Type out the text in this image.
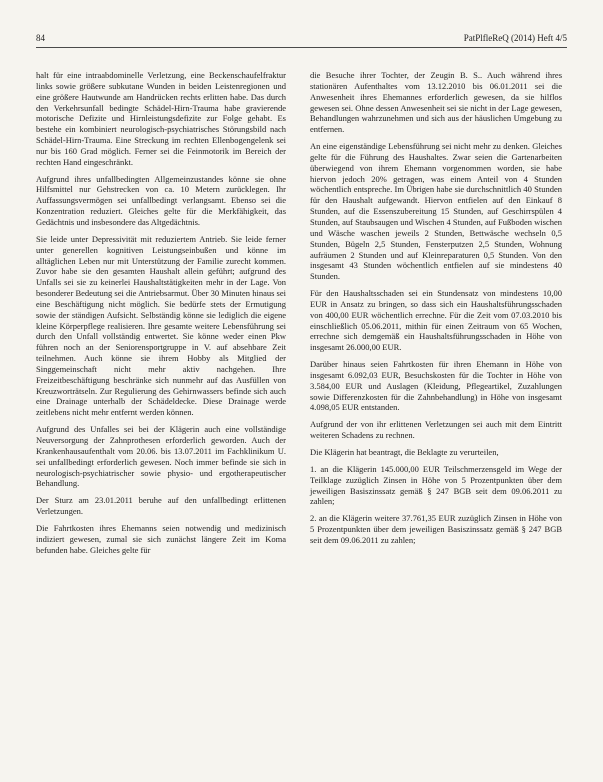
84	PatPlfleReQ (2014) Heft 4/5

halt für eine intraabdominelle Verletzung, eine Beckenschaufelfraktur links sowie größere subkutane Wunden in beiden Leistenregionen und eine größere Hautwunde am Handrücken rechts erlitten habe. Das durch den Verkehrsunfall bedingte Schädel-Hirn-Trauma habe gravierende motorische Defizite und Hirnleistungsdefizite zur Folge gehabt. Es bestehe ein kombiniert neurologisch-psychiatrisches Störungsbild nach Schädel-Hirn-Trauma. Eine Streckung im rechten Ellenbogengelenk sei nur bis 160 Grad möglich. Ferner sei die Feinmotorik im Bereich der rechten Hand eingeschränkt.

Aufgrund ihres unfallbedingten Allgemeinzustandes könne sie ohne Hilfsmittel nur Gehstrecken von ca. 10 Metern zurücklegen. Ihr Auffassungsvermögen sei unfallbedingt verlangsamt. Ebenso sei die Konzentration reduziert. Gleiches gelte für die Merkfähigkeit, das Gedächtnis und insbesondere das Altgedächtnis.

Sie leide unter Depressivität mit reduziertem Antrieb. Sie leide ferner unter generellen kognitiven Leistungseinbußen und könne im alltäglichen Leben nur mit Unterstützung der Familie zurecht kommen. Zuvor habe sie den gesamten Haushalt allein geführt; aufgrund des Unfalls sei sie zu keinerlei Haushaltstätigkeiten mehr in der Lage. Von besonderer Bedeutung sei die Antriebsarmut. Über 30 Minuten hinaus sei eine Beschäftigung nicht möglich. Sie bedürfe stets der Ermutigung sowie der ständigen Aufsicht. Selbständig könne sie lediglich die eigene kleine Körperpflege realisieren. Ihre gesamte weitere Lebensführung sei durch den Unfall vollständig entwertet. Sie könne weder einen Pkw führen noch an der Seniorensportgruppe in V. auf absehbare Zeit teilnehmen. Auch könne sie ihrem Hobby als Mitglied der Singgemeinschaft nicht mehr aktiv nachgehen. Ihre Freizeitbeschäftigung beschränke sich nunmehr auf das Ausfüllen von Kreuzworträtseln. Zur Regulierung des Gehirnwassers befinde sich auch eine Drainage unterhalb der Schädeldecke. Diese Drainage werde zeitlebens nicht mehr entfernt werden können.

Aufgrund des Unfalles sei bei der Klägerin auch eine vollständige Neuversorgung der Zahnprothesen erforderlich geworden. Auch der Krankenhausaufenthalt vom 20.06. bis 13.07.2011 im Fachklinikum U. sei unfallbedingt erforderlich gewesen. Noch immer befinde sie sich in neurologisch-psychiatrischer sowie physio- und ergotherapeutischer Behandlung.

Der Sturz am 23.01.2011 beruhe auf den unfallbedingt erlittenen Verletzungen.

Die Fahrtkosten ihres Ehemanns seien notwendig und medizinisch indiziert gewesen, zumal sie sich zunächst längere Zeit im Koma befunden habe. Gleiches gelte für

die Besuche ihrer Tochter, der Zeugin B. S.. Auch während ihres stationären Aufenthaltes vom 13.12.2010 bis 06.01.2011 sei die Anwesenheit ihres Ehemannes erforderlich gewesen, da sie hilflos gewesen sei. Ohne dessen Anwesenheit sei sie nicht in der Lage gewesen, Behandlungen wahrzunehmen und sich aus der häuslichen Umgebung zu entfernen.

An eine eigenständige Lebensführung sei nicht mehr zu denken. Gleiches gelte für die Führung des Haushaltes. Zwar seien die Gartenarbeiten überwiegend von ihrem Ehemann vorgenommen worden, sie habe hiervon jedoch 20% getragen, was einem Anteil von 4 Stunden wöchentlich entspreche. Im Übrigen habe sie durchschnittlich 40 Stunden für den Haushalt aufgewandt. Hiervon entfielen auf den Einkauf 8 Stunden, auf die Essenszubereitung 15 Stunden, auf Geschirrspülen 4 Stunden, auf Staubsaugen und Wischen 4 Stunden, auf Fußboden wischen und Wäsche waschen jeweils 2 Stunden, Bettwäsche wechseln 0,5 Stunden, Bügeln 2,5 Stunden, Fensterputzen 2,5 Stunden, Wohnung aufräumen 2 Stunden und auf Kleinreparaturen 0,5 Stunden. Von den insgesamt 43 Stunden wöchentlich entfielen auf sie mindestens 40 Stunden.

Für den Haushaltsschaden sei ein Stundensatz von mindestens 10,00 EUR in Ansatz zu bringen, so dass sich ein Haushaltsführungsschaden von 400,00 EUR wöchentlich errechne. Für die Zeit vom 07.03.2010 bis einschließlich 05.06.2011, mithin für einen Zeitraum von 65 Wochen, errechne sich demgemäß ein Haushaltsführungsschaden in Höhe von insgesamt 26.000,00 EUR.

Darüber hinaus seien Fahrtkosten für ihren Ehemann in Höhe von insgesamt 6.092,03 EUR, Besuchskosten für die Tochter in Höhe von 3.584,00 EUR und Auslagen (Kleidung, Pflegeartikel, Zuzahlungen sowie Differenzkosten für die Zahnbehandlung) in Höhe von insgesamt 4.098,05 EUR entstanden.

Aufgrund der von ihr erlittenen Verletzungen sei auch mit dem Eintritt weiteren Schadens zu rechnen.

Die Klägerin hat beantragt, die Beklagte zu verurteilen,

1. an die Klägerin 145.000,00 EUR Teilschmerzensgeld im Wege der Teilklage zuzüglich Zinsen in Höhe von 5 Prozentpunkten über dem jeweiligen Basiszinssatz gemäß § 247 BGB seit dem 09.06.2011 zu zahlen;

2. an die Klägerin weitere 37.761,35 EUR zuzüglich Zinsen in Höhe von 5 Prozentpunkten über dem jeweiligen Basiszinssatz gemäß § 247 BGB seit dem 09.06.2011 zu zahlen;
